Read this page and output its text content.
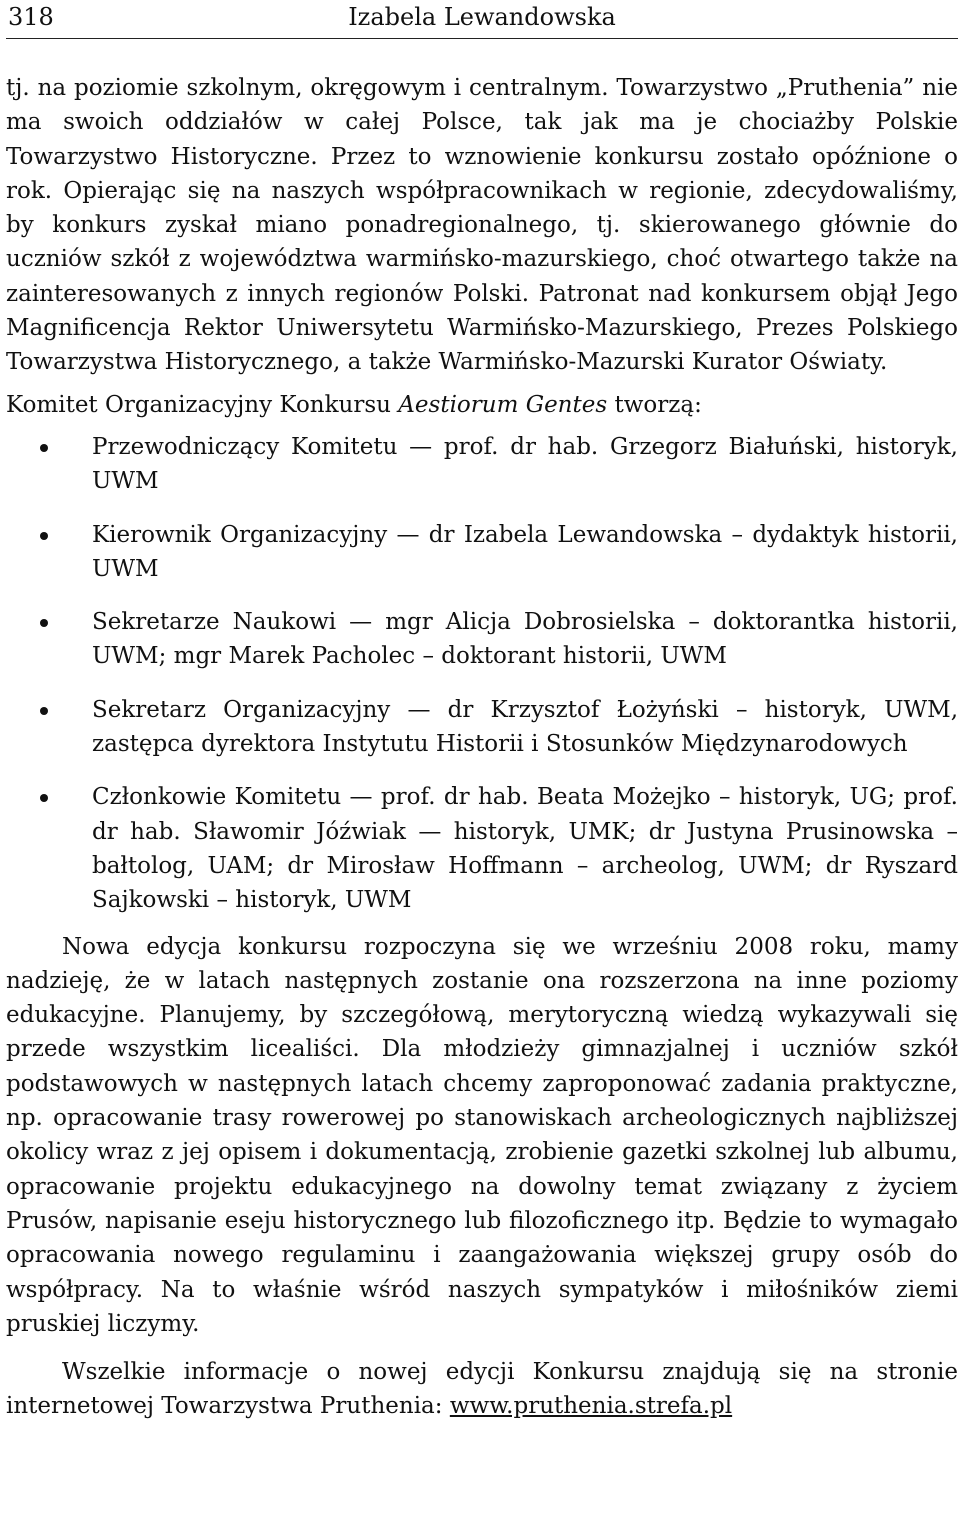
318	Izabela Lewandowska

tj. na poziomie szkolnym, okręgowym i centralnym. Towarzystwo „Pruthenia” nie ma swoich oddziałów w całej Polsce, tak jak ma je chociażby Polskie Towarzystwo Historyczne. Przez to wznowienie konkursu zostało opóźnione o rok. Opierając się na naszych współpracownikach w regionie, zdecydowaliśmy, by konkurs zyskał miano ponadregionalnego, tj. skierowanego głównie do uczniów szkół z województwa warmińsko-mazurskiego, choć otwartego także na zainteresowanych z innych regionów Polski. Patronat nad konkursem objął Jego Magnificencja Rektor Uniwersytetu Warmińsko-Mazurskiego, Prezes Polskiego Towarzystwa Historycznego, a także Warmińsko-Mazurski Kurator Oświaty.

Komitet Organizacyjny Konkursu Aestiorum Gentes tworzą:

Przewodniczący Komitetu — prof. dr hab. Grzegorz Białuński, historyk, UWM
Kierownik Organizacyjny — dr Izabela Lewandowska – dydaktyk historii, UWM
Sekretarze Naukowi — mgr Alicja Dobrosielska – doktorantka historii, UWM; mgr Marek Pacholec – doktorant historii, UWM
Sekretarz Organizacyjny — dr Krzysztof Łożyński – historyk, UWM, zastępca dyrektora Instytutu Historii i Stosunków Międzynarodowych
Członkowie Komitetu — prof. dr hab. Beata Możejko – historyk, UG; prof. dr hab. Sławomir Jóźwiak — historyk, UMK; dr Justyna Prusinowska – bałtolog, UAM; dr Mirosław Hoffmann – archeolog, UWM; dr Ryszard Sajkowski – historyk, UWM

Nowa edycja konkursu rozpoczyna się we wrześniu 2008 roku, mamy nadzieję, że w latach następnych zostanie ona rozszerzona na inne poziomy edukacyjne. Planujemy, by szczegółową, merytoryczną wiedzą wykazywali się przede wszystkim licealiści. Dla młodzieży gimnazjalnej i uczniów szkół podstawowych w następnych latach chcemy zaproponować zadania praktyczne, np. opracowanie trasy rowerowej po stanowiskach archeologicznych najbliższej okolicy wraz z jej opisem i dokumentacją, zrobienie gazetki szkolnej lub albumu, opracowanie projektu edukacyjnego na dowolny temat związany z życiem Prusów, napisanie eseju historycznego lub filozoficznego itp. Będzie to wymagało opracowania nowego regulaminu i zaangażowania większej grupy osób do współpracy. Na to właśnie wśród naszych sympatyków i miłośników ziemi pruskiej liczymy.

Wszelkie informacje o nowej edycji Konkursu znajdują się na stronie internetowej Towarzystwa Pruthenia: www.pruthenia.strefa.pl
